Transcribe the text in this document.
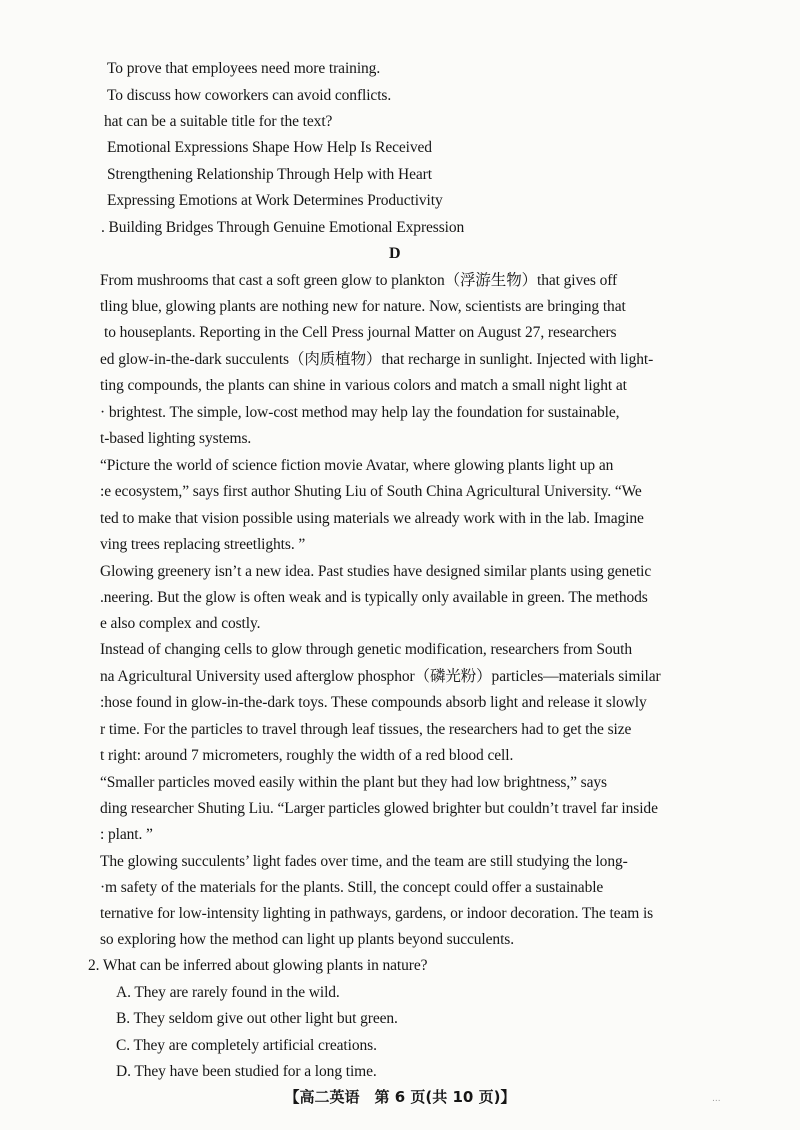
To prove that employees need more training.
To discuss how coworkers can avoid conflicts.
hat can be a suitable title for the text?
Emotional Expressions Shape How Help Is Received
Strengthening Relationship Through Help with Heart
Expressing Emotions at Work Determines Productivity
. Building Bridges Through Genuine Emotional Expression
D
From mushrooms that cast a soft green glow to plankton（浮游生物）that gives off
tling blue, glowing plants are nothing new for nature. Now, scientists are bringing that
to houseplants. Reporting in the Cell Press journal Matter on August 27, researchers
ed glow-in-the-dark succulents（肉质植物）that recharge in sunlight. Injected with light-
ting compounds, the plants can shine in various colors and match a small night light at
· brightest. The simple, low-cost method may help lay the foundation for sustainable,
t-based lighting systems.
“Picture the world of science fiction movie Avatar, where glowing plants light up an
:e ecosystem,” says first author Shuting Liu of South China Agricultural University. “We
ted to make that vision possible using materials we already work with in the lab. Imagine
ving trees replacing streetlights. ”
Glowing greenery isn’t a new idea. Past studies have designed similar plants using genetic
.neering. But the glow is often weak and is typically only available in green. The methods
e also complex and costly.
Instead of changing cells to glow through genetic modification, researchers from South
na Agricultural University used afterglow phosphor（磷光粉）particles—materials similar
:hose found in glow-in-the-dark toys. These compounds absorb light and release it slowly
r time. For the particles to travel through leaf tissues, the researchers had to get the size
t right: around 7 micrometers, roughly the width of a red blood cell.
“Smaller particles moved easily within the plant but they had low brightness,” says
ding researcher Shuting Liu. “Larger particles glowed brighter but couldn’t travel far inside
: plant. ”
The glowing succulents’ light fades over time, and the team are still studying the long-
·m safety of the materials for the plants. Still, the concept could offer a sustainable
ternative for low-intensity lighting in pathways, gardens, or indoor decoration. The team is
so exploring how the method can light up plants beyond succulents.
2. What can be inferred about glowing plants in nature?
A. They are rarely found in the wild.
B. They seldom give out other light but green.
C. They are completely artificial creations.
D. They have been studied for a long time.
【高二英语　第 6 页(共 10 页)】	...
